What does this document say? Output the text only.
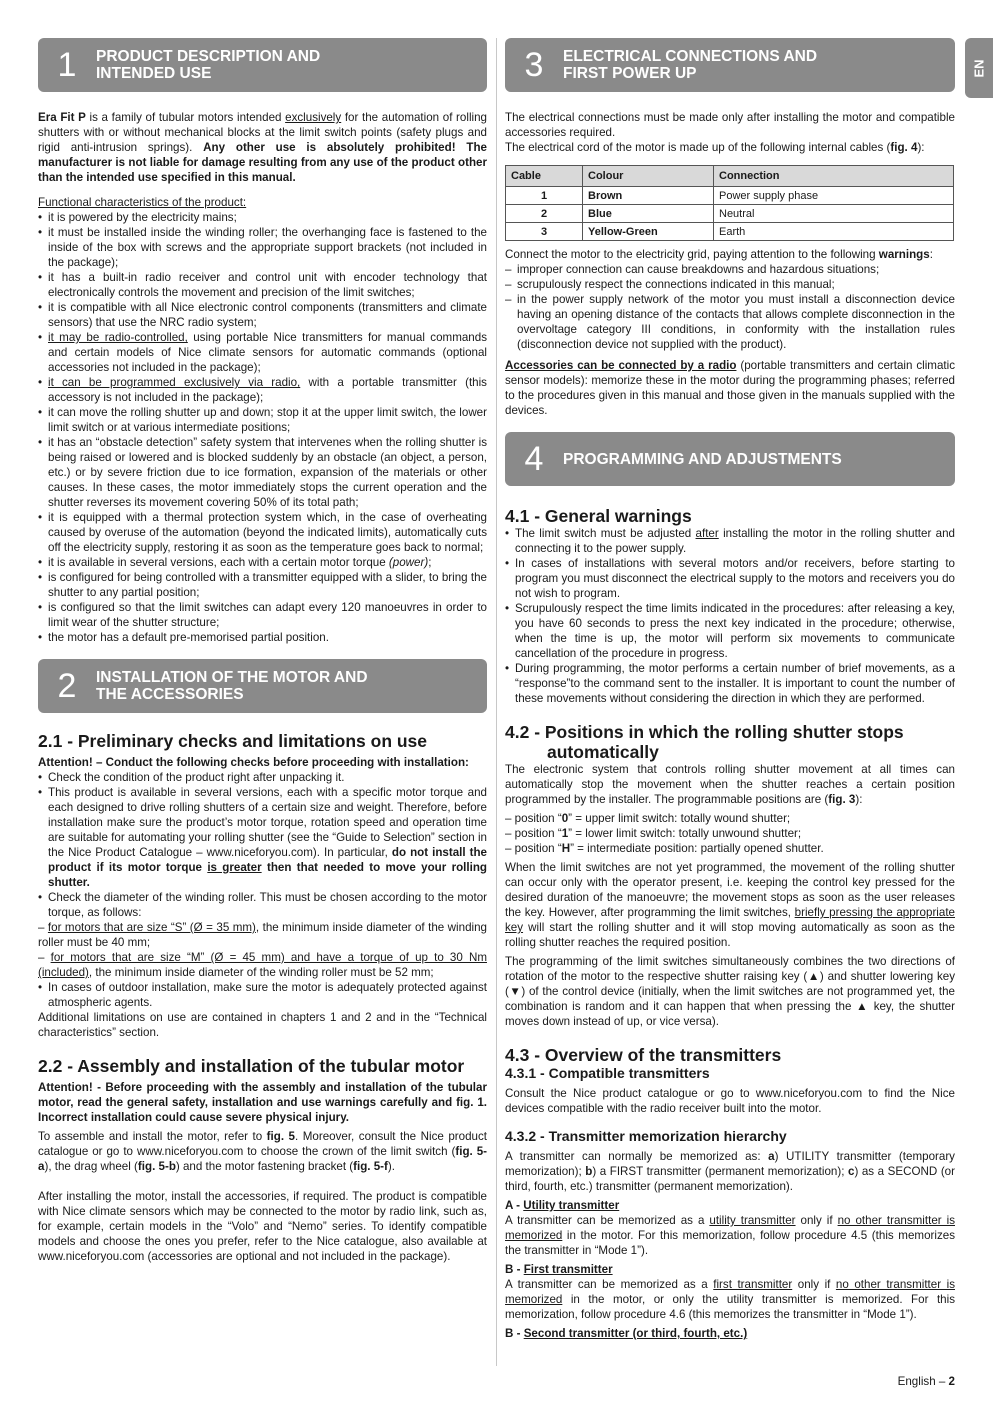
EN
1	PRODUCT DESCRIPTION AND
INTENDED USE

Era Fit P is a family of tubular motors intended exclusively for the automation of rolling shutters with or without mechanical blocks at the limit switch points (safety plugs and rigid anti-intrusion springs). Any other use is absolutely prohibited! The manufacturer is not liable for damage resulting from any use of the product other than the intended use specified in this manual.

Functional characteristics of the product:

• it is powered by the electricity mains;
• it must be installed inside the winding roller; the overhanging face is fastened to the inside of the box with screws and the appropriate support brackets (not included in the package);
• it has a built-in radio receiver and control unit with encoder technology that electronically controls the movement and precision of the limit switches;
• it is compatible with all Nice electronic control components (transmitters and climate sensors) that use the NRC radio system;
• it may be radio-controlled, using portable Nice transmitters for manual commands and certain models of Nice climate sensors for automatic commands (optional accessories not included in the package);
• it can be programmed exclusively via radio, with a portable transmitter (this accessory is not included in the package);
• it can move the rolling shutter up and down; stop it at the upper limit switch, the lower limit switch or at various intermediate positions;
• it has an “obstacle detection” safety system that intervenes when the rolling shutter is being raised or lowered and is blocked suddenly by an obstacle (an object, a person, etc.) or by severe friction due to ice formation, expansion of the materials or other causes. In these cases, the motor immediately stops the current operation and the shutter reverses its movement covering 50% of its total path;
• it is equipped with a thermal protection system which, in the case of overheating caused by overuse of the automation (beyond the indicated limits), automatically cuts off the electricity supply, restoring it as soon as the temperature goes back to normal;
• it is available in several versions, each with a certain motor torque (power);
• is configured for being controlled with a transmitter equipped with a slider, to bring the shutter to any partial position;
• is configured so that the limit switches can adapt every 120 manoeuvres in order to limit wear of the shutter structure;
• the motor has a default pre-memorised partial position.
2	INSTALLATION OF THE MOTOR AND
THE ACCESSORIES
2.1 - Preliminary checks and limitations on use

Attention! – Conduct the following checks before proceeding with installation:

• Check the condition of the product right after unpacking it.
• This product is available in several versions, each with a specific motor torque and each designed to drive rolling shutters of a certain size and weight. Therefore, before installation make sure the product’s motor torque, rotation speed and operation time are suitable for automating your rolling shutter (see the “Guide to Selection” section in the Nice Product Catalogue – www.niceforyou.com). In particular, do not install the product if its motor torque is greater then that needed to move your rolling shutter.
• Check the diameter of the winding roller. This must be chosen according to the motor torque, as follows:

– for motors that are size “S” (Ø = 35 mm), the minimum inside diameter of the winding roller must be 40 mm;

– for motors that are size “M” (Ø = 45 mm) and have a torque of up to 30 Nm (included), the minimum inside diameter of the winding roller must be 52 mm;

• In cases of outdoor installation, make sure the motor is adequately protected against atmospheric agents.

Additional limitations on use are contained in chapters 1 and 2 and in the “Technical characteristics” section.

2.2 - Assembly and installation of the tubular motor

Attention! - Before proceeding with the assembly and installation of the tubular motor, read the general safety, installation and use warnings carefully and fig. 1. Incorrect installation could cause severe physical injury.

To assemble and install the motor, refer to fig. 5. Moreover, consult the Nice product catalogue or go to www.niceforyou.com to choose the crown of the limit switch (fig. 5-a), the drag wheel (fig. 5-b) and the motor fastening bracket (fig. 5-f).

After installing the motor, install the accessories, if required. The product is compatible with Nice climate sensors which may be connected to the motor by radio link, such as, for example, certain models in the “Volo” and “Nemo” series. To identify compatible models and choose the ones you prefer, refer to the Nice catalogue, also available at www.niceforyou.com (accessories are optional and not included in the package).

3	ELECTRICAL CONNECTIONS AND
FIRST POWER UP

The electrical connections must be made only after installing the motor and compatible accessories required.

The electrical cord of the motor is made up of the following internal cables (fig. 4):

Cable	Colour	Connection
1	Brown	Power supply phase
2	Blue	Neutral
3	Yellow-Green	Earth

Connect the motor to the electricity grid, paying attention to the following warnings:

– improper connection can cause breakdowns and hazardous situations;
– scrupulously respect the connections indicated in this manual;
– in the power supply network of the motor you must install a disconnection device having an opening distance of the contacts that allows complete disconnection in the overvoltage category III conditions, in conformity with the installation rules (disconnection device not supplied with the product).

Accessories can be connected by a radio (portable transmitters and certain climatic sensor models): memorize these in the motor during the programming phases; referred to the procedures given in this manual and those given in the manuals supplied with the devices.

4	PROGRAMMING AND ADJUSTMENTS
4.1 - General warnings
• The limit switch must be adjusted after installing the motor in the rolling shutter and connecting it to the power supply.
• In cases of installations with several motors and/or receivers, before starting to program you must disconnect the electrical supply to the motors and receivers you do not wish to program.
• Scrupulously respect the time limits indicated in the procedures: after releasing a key, you have 60 seconds to press the next key indicated in the procedure; otherwise, when the time is up, the motor will perform six movements to communicate cancellation of the procedure in progress.
• During programming, the motor performs a certain number of brief movements, as a “response”to the command sent to the installer. It is important to count the number of these movements without considering the direction in which they are performed.
4.2 - Positions in which the rolling shutter stops
automatically

The electronic system that controls rolling shutter movement at all times can automatically stop the movement when the shutter reaches a certain position programmed by the installer. The programmable positions are (fig. 3):

– position “0” = upper limit switch: totally wound shutter;
– position “1” = lower limit switch: totally unwound shutter;
– position “H” = intermediate position: partially opened shutter.

When the limit switches are not yet programmed, the movement of the rolling shutter can occur only with the operator present, i.e. keeping the control key pressed for the desired duration of the manoeuvre; the movement stops as soon as the user releases the key. However, after programming the limit switches, briefly pressing the appropriate key will start the rolling shutter and it will stop moving automatically as soon as the rolling shutter reaches the required position.

The programming of the limit switches simultaneously combines the two directions of rotation of the motor to the respective shutter raising key (▲) and shutter lowering key (▼) of the control device (initially, when the limit switches are not programmed yet, the combination is random and it can happen that when pressing the ▲ key, the shutter moves down instead of up, or vice versa).

4.3 - Overview of the transmitters
4.3.1 - Compatible transmitters

Consult the Nice product catalogue or go to www.niceforyou.com to find the Nice devices compatible with the radio receiver built into the motor.

4.3.2 - Transmitter memorization hierarchy

A transmitter can normally be memorized as: a) UTILITY transmitter (temporary memorization); b) a FIRST transmitter (permanent memorization); c) as a SECOND (or third, fourth, etc.) transmitter (permanent memorization).

A - Utility transmitter

A transmitter can be memorized as a utility transmitter only if no other transmitter is memorized in the motor. For this memorization, follow procedure 4.5 (this memorizes the transmitter in “Mode 1”).

B - First transmitter

A transmitter can be memorized as a first transmitter only if no other transmitter is memorized in the motor, or only the utility transmitter is memorized. For this memorization, follow procedure 4.6 (this memorizes the transmitter in “Mode 1”).

B - Second transmitter (or third, fourth, etc.)

English – 2
